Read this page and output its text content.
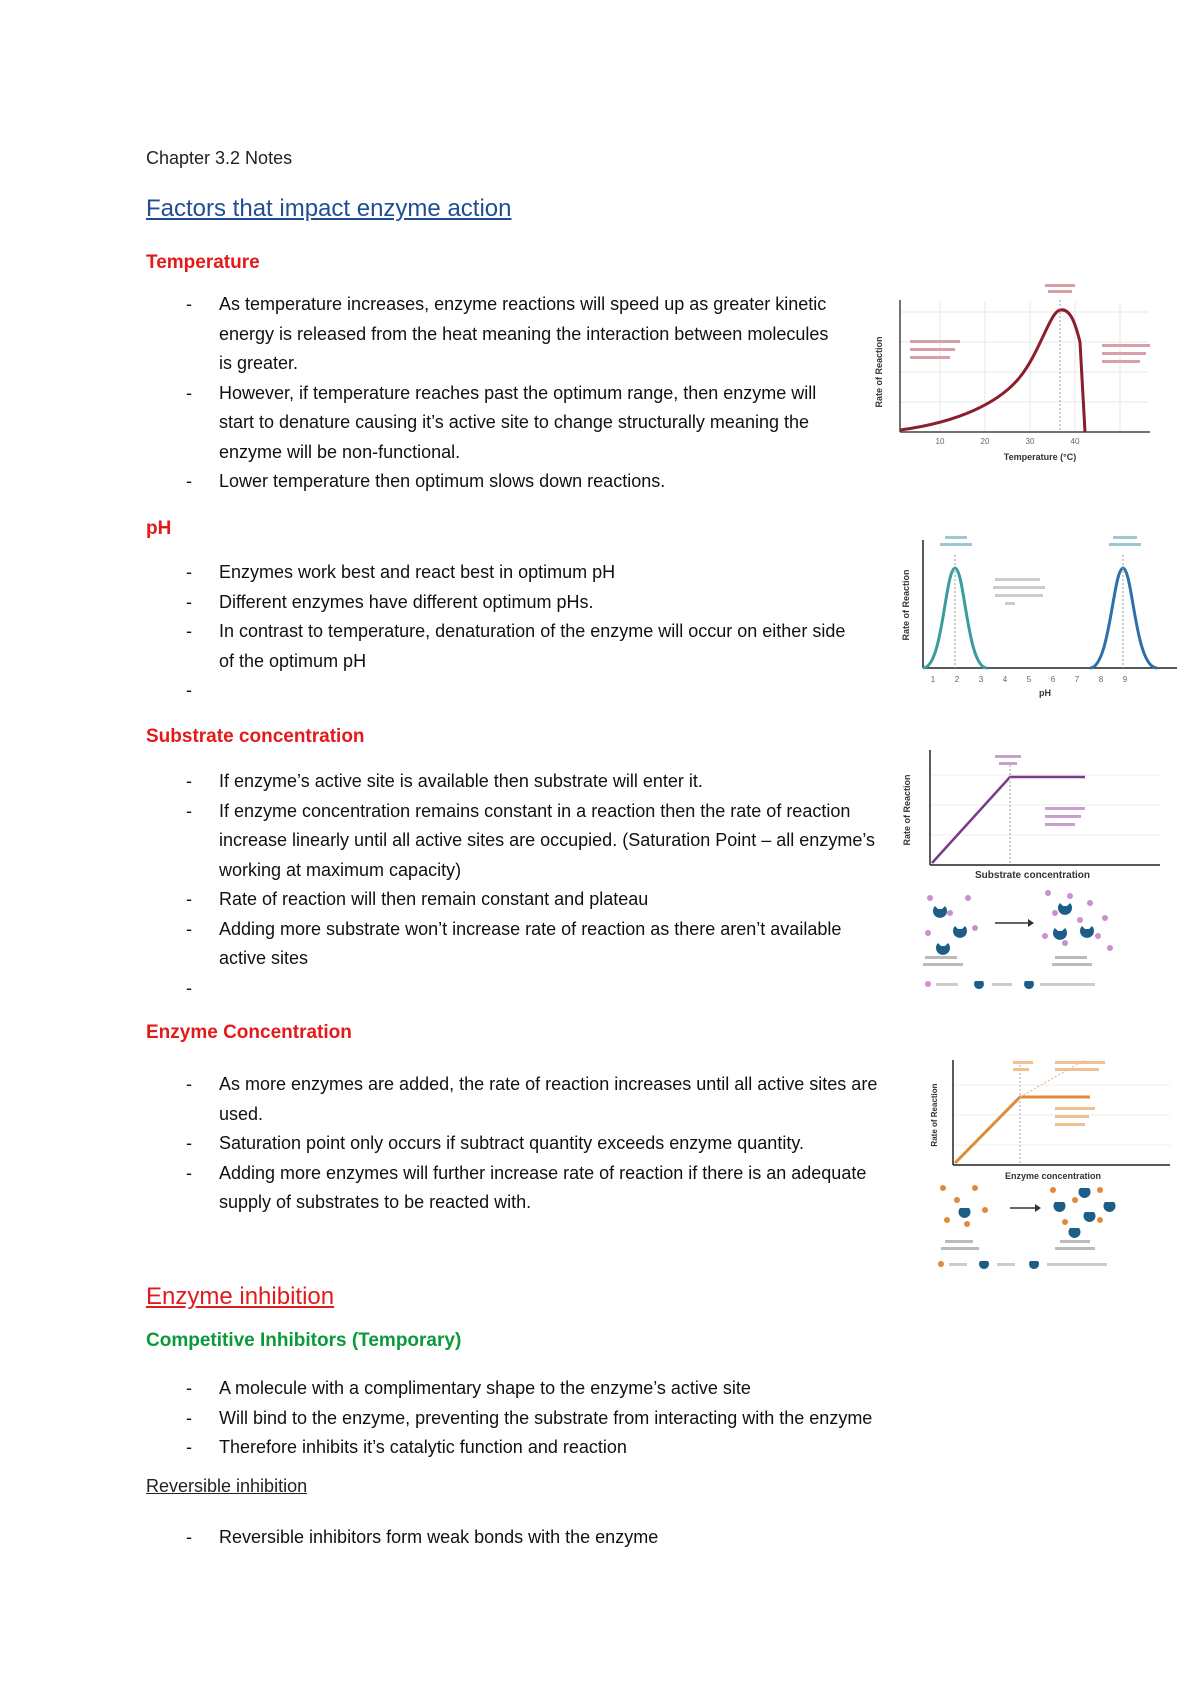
Chapter 3.2 Notes
Factors that impact enzyme action
Temperature
- As temperature increases, enzyme reactions will speed up as greater kinetic energy is released from the heat meaning the interaction between molecules is greater.
- However, if temperature reaches past the optimum range, then enzyme will start to denature causing it’s active site to change structurally meaning the enzyme will be non-functional.
- Lower temperature then optimum slows down reactions.
pH
- Enzymes work best and react best in optimum pH
- Different enzymes have different optimum pHs.
- In contrast to temperature, denaturation of the enzyme will occur on either side of the optimum pH
-
Substrate concentration
- If enzyme’s active site is available then substrate will enter it.
- If enzyme concentration remains constant in a reaction then the rate of reaction increase linearly until all active sites are occupied. (Saturation Point – all enzyme’s working at maximum capacity)
- Rate of reaction will then remain constant and plateau
- Adding more substrate won’t increase rate of reaction as there aren’t available active sites
-
Enzyme Concentration
- As more enzymes are added, the rate of reaction increases until all active sites are used.
- Saturation point only occurs if subtract quantity exceeds enzyme quantity.
- Adding more enzymes will further increase rate of reaction if there is an adequate supply of substrates to be reacted with.
Enzyme inhibition
Competitive Inhibitors (Temporary)
- A molecule with a complimentary shape to the enzyme’s active site
- Will bind to the enzyme, preventing the substrate from interacting with the enzyme
- Therefore inhibits it’s catalytic function and reaction
Reversible inhibition
- Reversible inhibitors form weak bonds with the enzyme
Rate of Reaction
10	20	30	40
Temperature (°C)
Rate of Reaction
1 2 3 4 5 6 7 8 9
pH
Rate of Reaction
Substrate concentration
Rate of Reaction
Enzyme concentration
